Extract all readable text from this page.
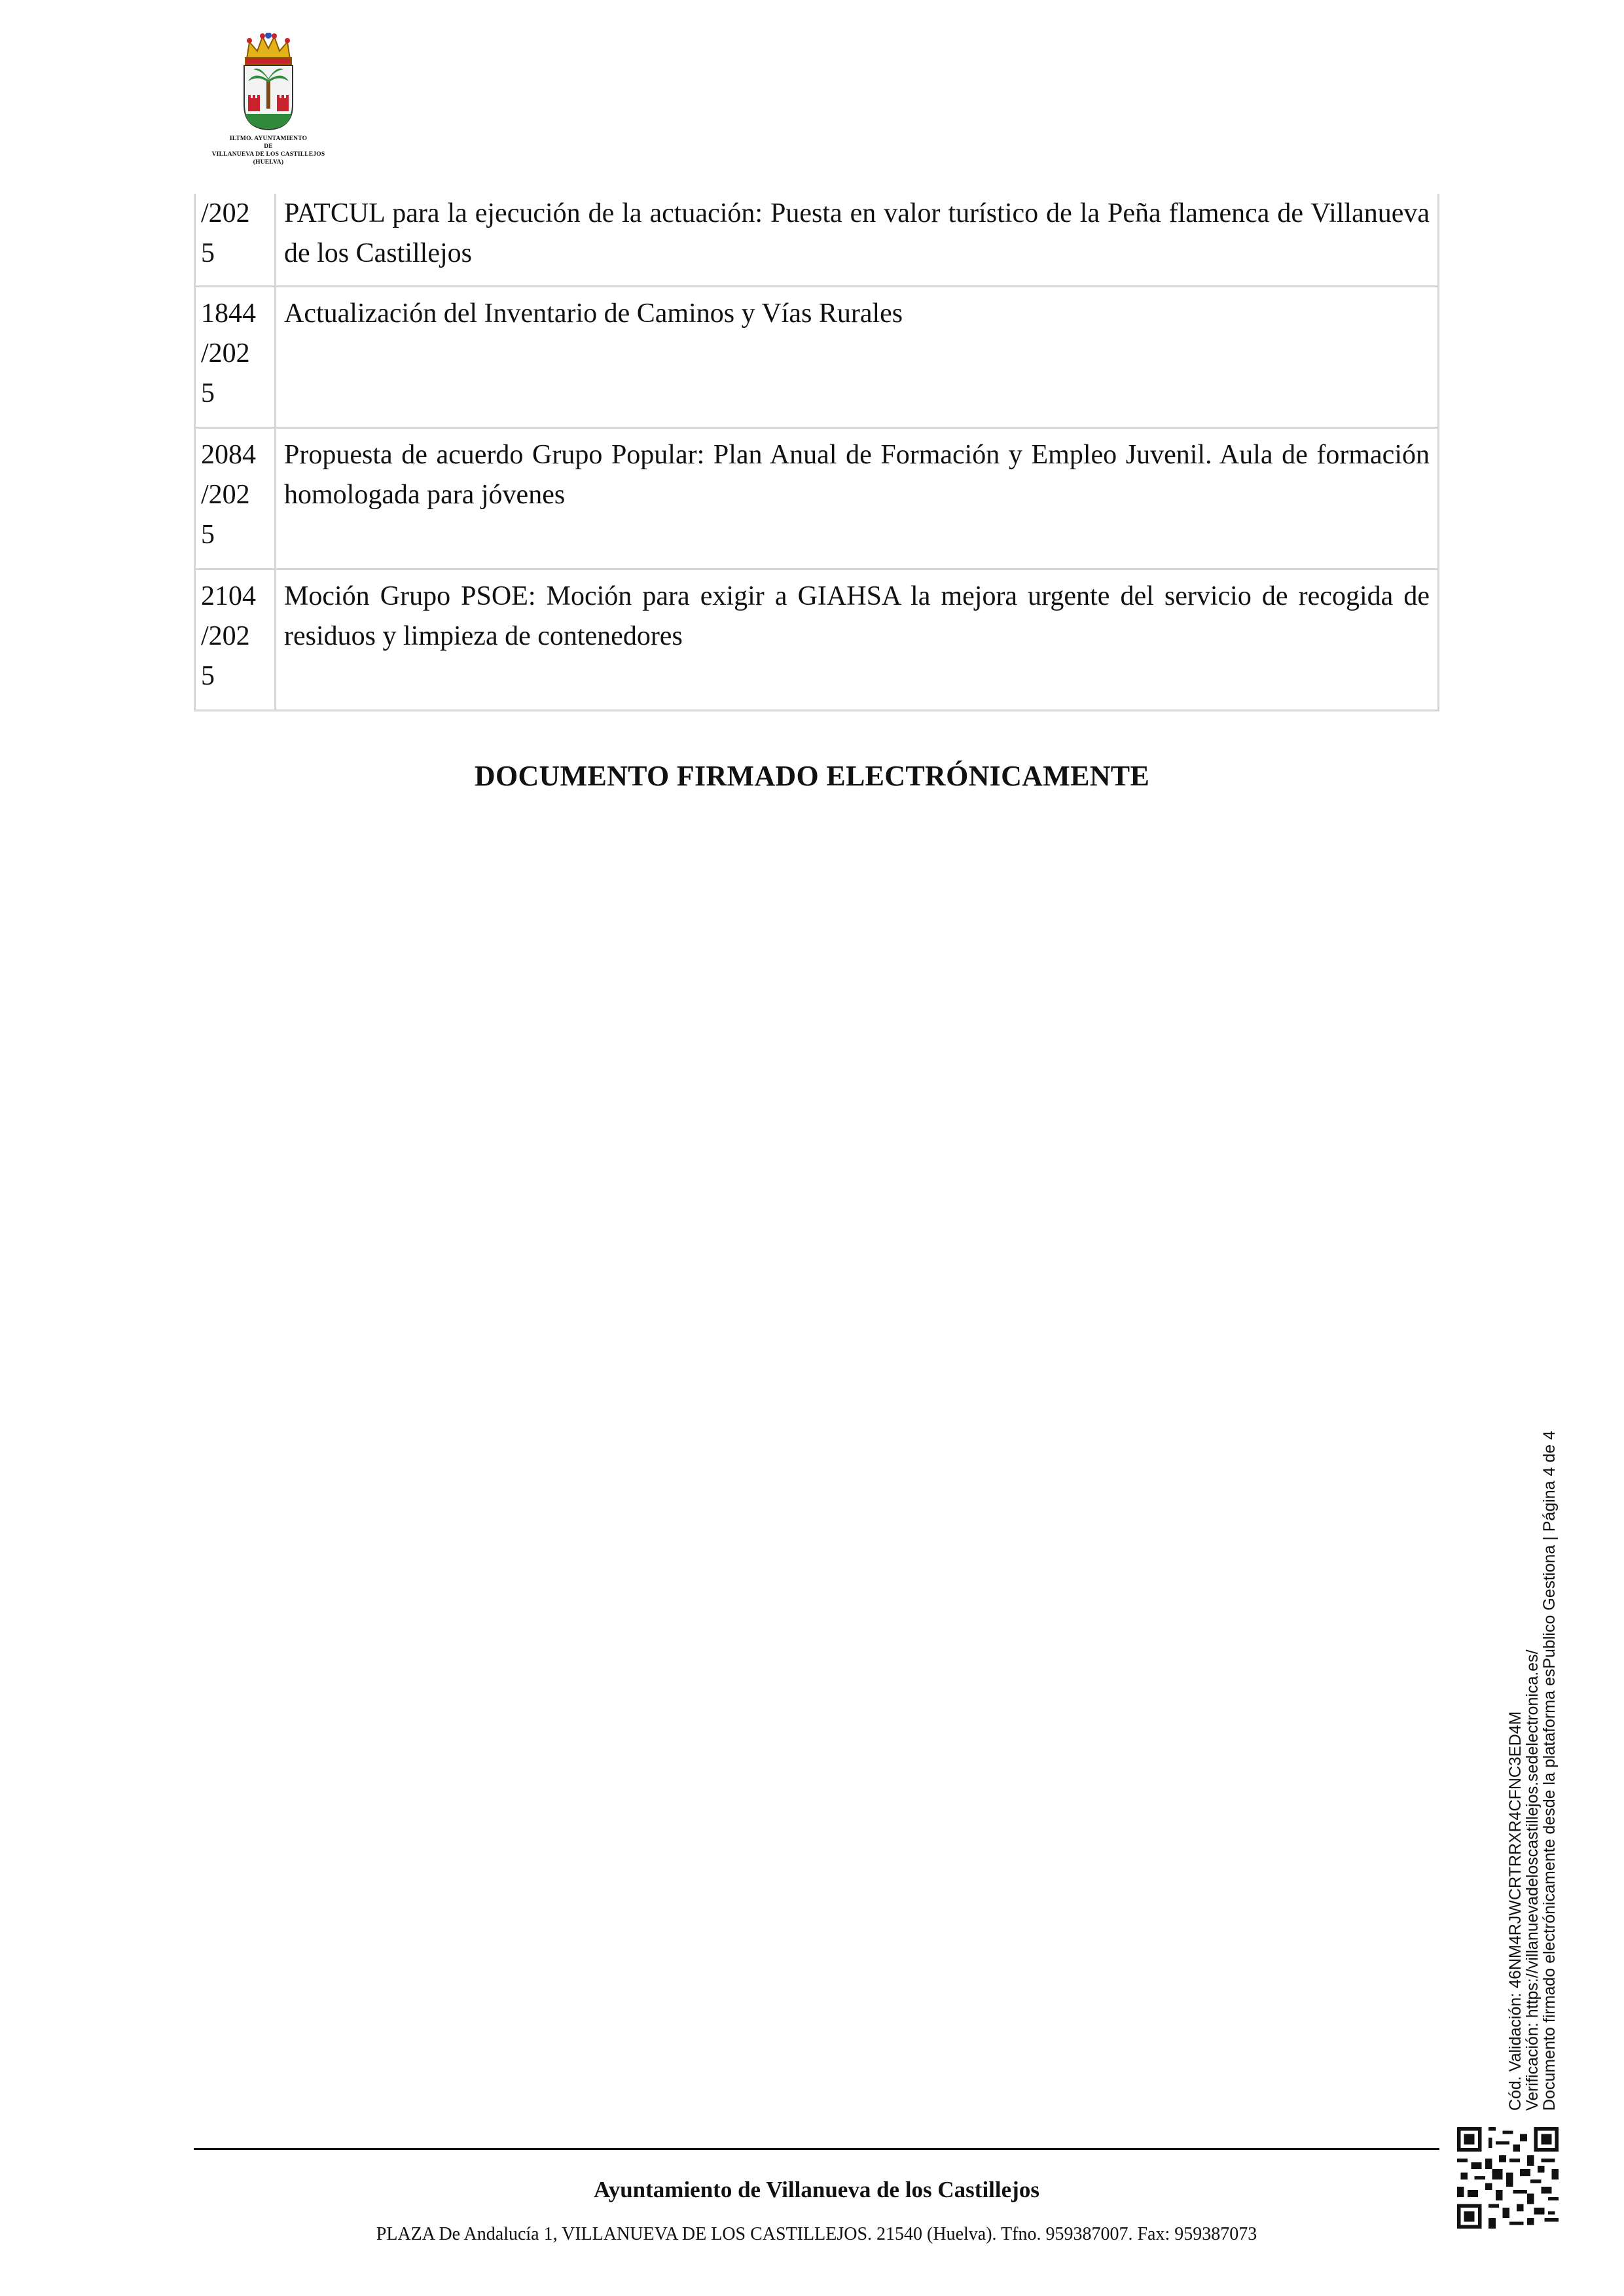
ILTMO. AYUNTAMIENTO
DE
VILLANUEVA DE LOS CASTILLEJOS
(HUELVA)
/202
5	PATCUL para la ejecución de la actuación: Puesta en valor turístico de la Peña flamenca de Villanueva de los Castillejos
1844
/202
5	Actualización del Inventario de Caminos y Vías Rurales
2084
/202
5	Propuesta de acuerdo Grupo Popular: Plan Anual de Formación y Empleo Juvenil. Aula de formación homologada para jóvenes
2104
/202
5	Moción Grupo PSOE: Moción para exigir a GIAHSA la mejora urgente del servicio de recogida de residuos y limpieza de contenedores
DOCUMENTO FIRMADO ELECTRÓNICAMENTE
Cód. Validación: 46NM4RJWCRTRRXR4CFNC3ED4M
Verificación: https://villanuevadeloscastillejos.sedelectronica.es/
Documento firmado electrónicamente desde la plataforma esPublico Gestiona | Página 4 de 4
Ayuntamiento de Villanueva de los Castillejos
PLAZA De Andalucía 1, VILLANUEVA DE LOS CASTILLEJOS. 21540 (Huelva). Tfno. 959387007. Fax: 959387073
